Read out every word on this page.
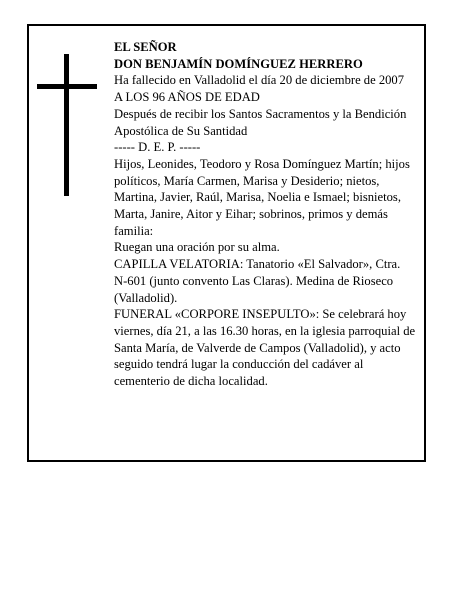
EL SEÑOR

DON BENJAMÍN DOMÍNGUEZ HERRERO

Ha fallecido en Valladolid el día 20 de diciembre de 2007

A LOS 96 AÑOS DE EDAD

Después de recibir los Santos Sacramentos y la Bendición Apostólica de Su Santidad

----- D. E. P. -----

Hijos, Leonides, Teodoro y Rosa Domínguez Martín; hijos políticos, María Carmen, Marisa y Desiderio; nietos, Martina, Javier, Raúl, Marisa, Noelia e Ismael; bisnietos, Marta, Janire, Aitor y Eihar; sobrinos, primos y demás familia:

Ruegan una oración por su alma.

CAPILLA VELATORIA: Tanatorio «El Salvador», Ctra. N-601 (junto convento Las Claras). Medina de Rioseco (Valladolid).

FUNERAL «CORPORE INSEPULTO»: Se celebrará hoy viernes, día 21, a las 16.30 horas, en la iglesia parroquial de Santa María, de Valverde de Campos (Valladolid), y acto seguido tendrá lugar la conducción del cadáver al cementerio de dicha localidad.
